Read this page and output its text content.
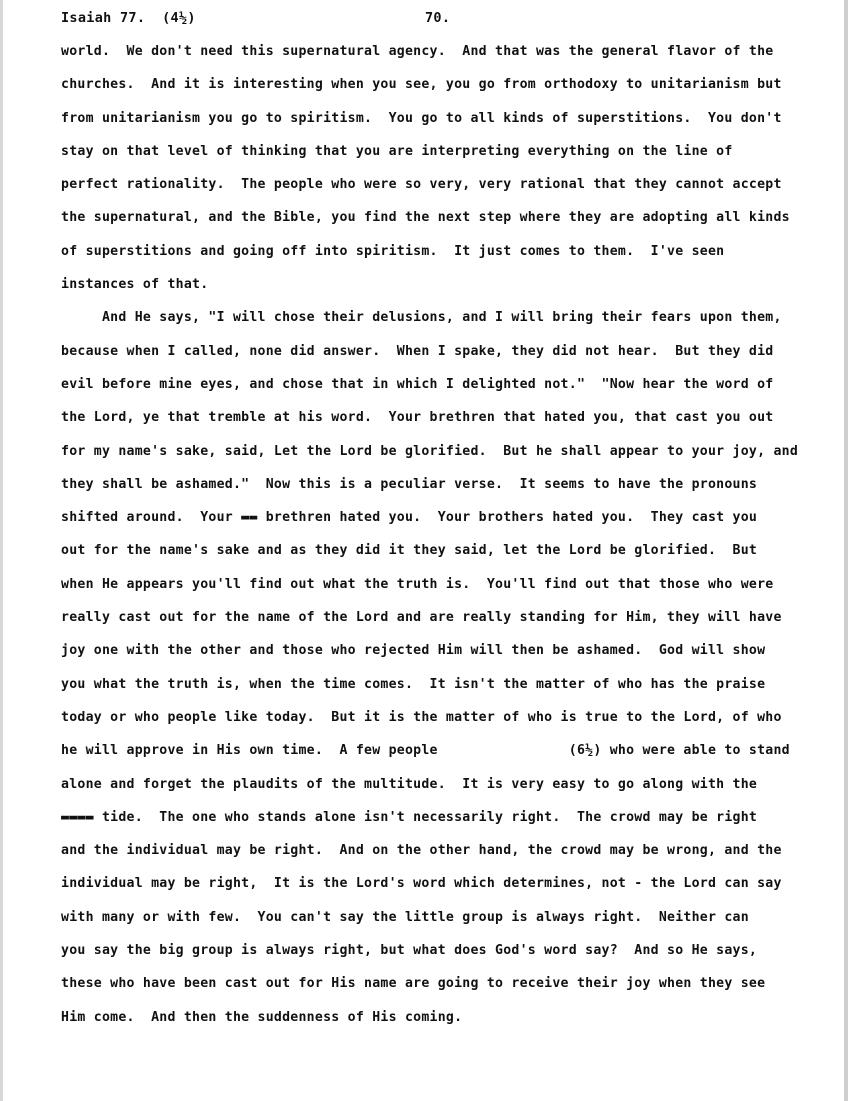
Isaiah 77.  (4½)	70.
world.  We don't need this supernatural agency.  And that was the general flavor of the
churches.  And it is interesting when you see, you go from orthodoxy to unitarianism but
from unitarianism you go to spiritism.  You go to all kinds of superstitions.  You don't
stay on that level of thinking that you are interpreting everything on the line of
perfect rationality.  The people who were so very, very rational that they cannot accept
the supernatural, and the Bible, you find the next step where they are adopting all kinds
of superstitions and going off into spiritism.  It just comes to them.  I've seen
instances of that.
And He says, "I will chose their delusions, and I will bring their fears upon them,
because when I called, none did answer.  When I spake, they did not hear.  But they did
evil before mine eyes, and chose that in which I delighted not."  "Now hear the word of
the Lord, ye that tremble at his word.  Your brethren that hated you, that cast you out
for my name's sake, said, Let the Lord be glorified.  But he shall appear to your joy, and
they shall be ashamed."  Now this is a peculiar verse.  It seems to have the pronouns
shifted around.  Your ▬▬ brethren hated you.  Your brothers hated you.  They cast you
out for the name's sake and as they did it they said, let the Lord be glorified.  But
when He appears you'll find out what the truth is.  You'll find out that those who were
really cast out for the name of the Lord and are really standing for Him, they will have
joy one with the other and those who rejected Him will then be ashamed.  God will show
you what the truth is, when the time comes.  It isn't the matter of who has the praise
today or who people like today.  But it is the matter of who is true to the Lord, of who
he will approve in His own time.  A few people                (6½) who were able to stand
alone and forget the plaudits of the multitude.  It is very easy to go along with the
▬▬▬▬ tide.  The one who stands alone isn't necessarily right.  The crowd may be right
and the individual may be right.  And on the other hand, the crowd may be wrong, and the
individual may be right,  It is the Lord's word which determines, not - the Lord can say
with many or with few.  You can't say the little group is always right.  Neither can
you say the big group is always right, but what does God's word say?  And so He says,
these who have been cast out for His name are going to receive their joy when they see
Him come.  And then the suddenness of His coming.
